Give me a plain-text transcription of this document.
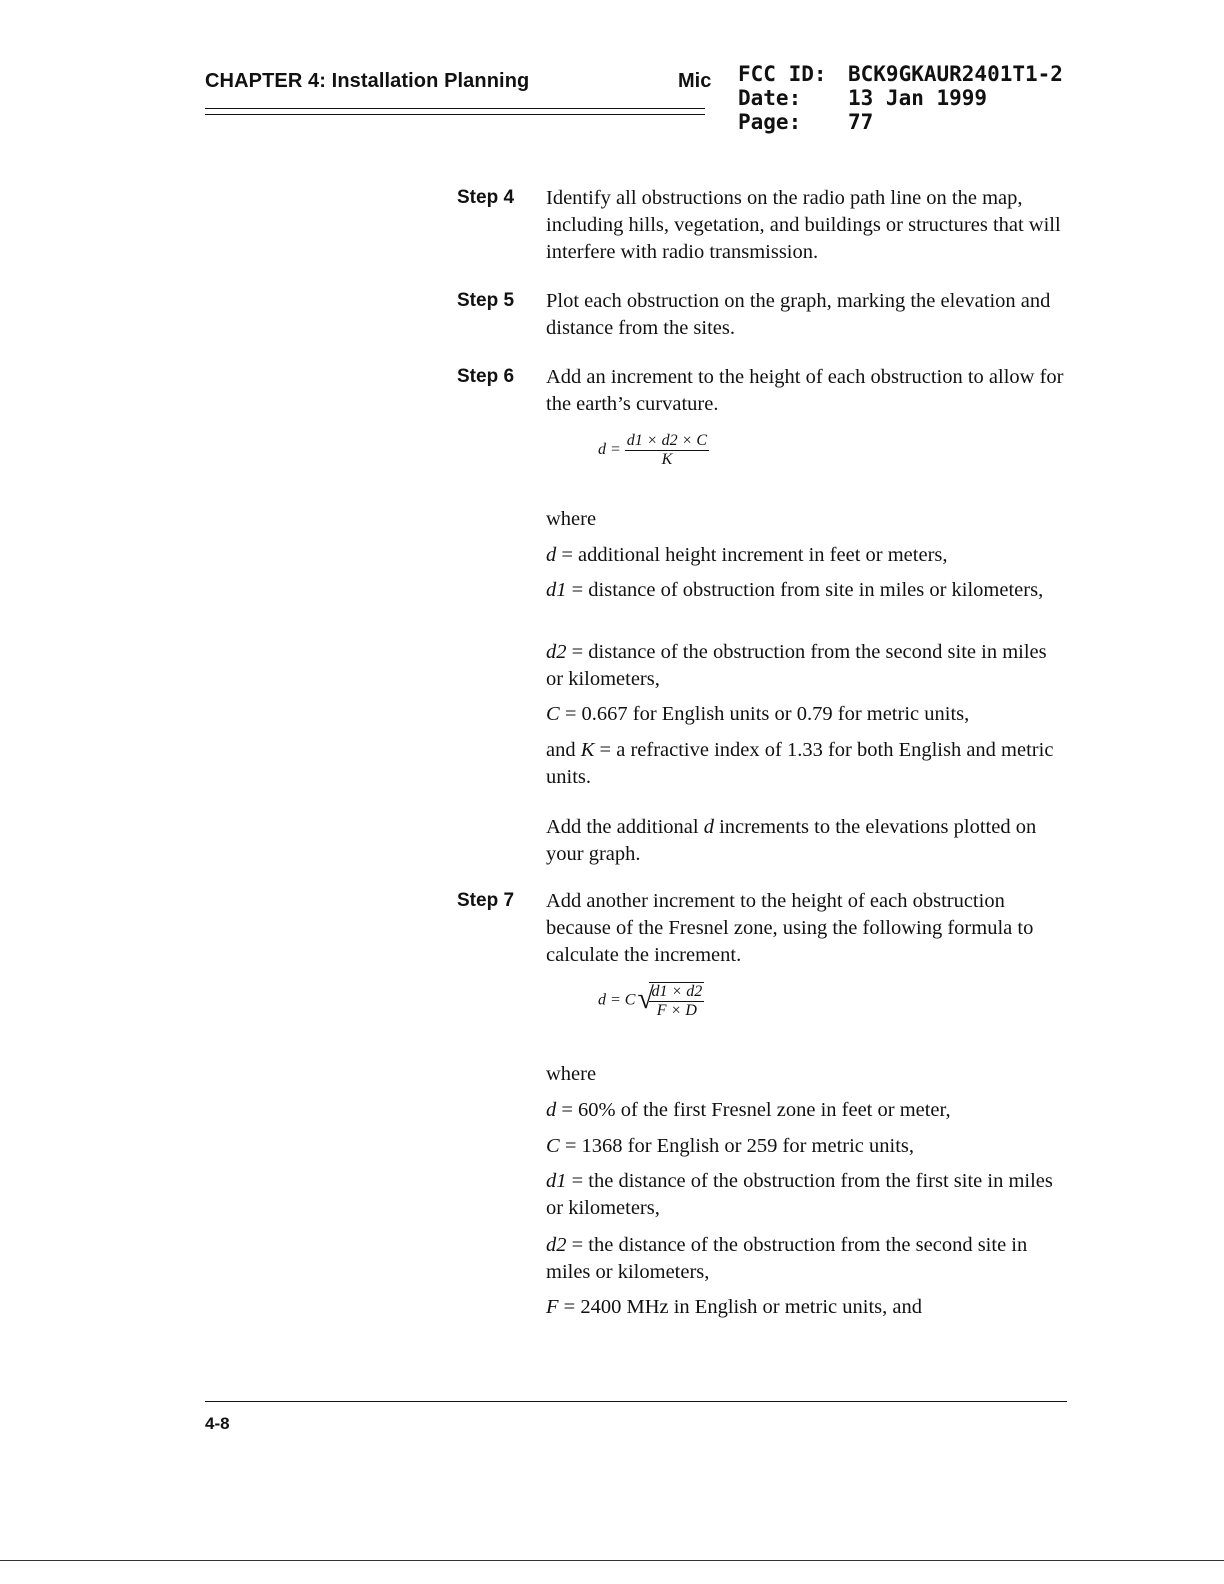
CHAPTER 4: Installation Planning	Mic FCC ID:	BCK9GKAUR2401T1-2
Date:	13 Jan 1999
Page:	77
Step 4 Identify all obstructions on the radio path line on the map, including hills, vegetation, and buildings or structures that will interfere with radio transmission.
Step 5 Plot each obstruction on the graph, marking the elevation and distance from the sites.
Step 6 Add an increment to the height of each obstruction to allow for the earth’s curvature.
$d = \frac{d1 \times d2 \times C}{K}$
where
d = additional height increment in feet or meters,
d1 = distance of obstruction from site in miles or kilometers,
d2 = distance of the obstruction from the second site in miles or kilometers,
C = 0.667 for English units or 0.79 for metric units,
and K = a refractive index of 1.33 for both English and metric units.
Add the additional d increments to the elevations plotted on your graph.
Step 7 Add another increment to the height of each obstruction because of the Fresnel zone, using the following formula to calculate the increment.
d = C √
$\frac{d1 \times d2}{F \times D}$
where
d = 60% of the first Fresnel zone in feet or meter,
C = 1368 for English or 259 for metric units,
d1 = the distance of the obstruction from the first site in miles or kilometers,
d2 = the distance of the obstruction from the second site in miles or kilometers,
F = 2400 MHz in English or metric units, and
4-8
